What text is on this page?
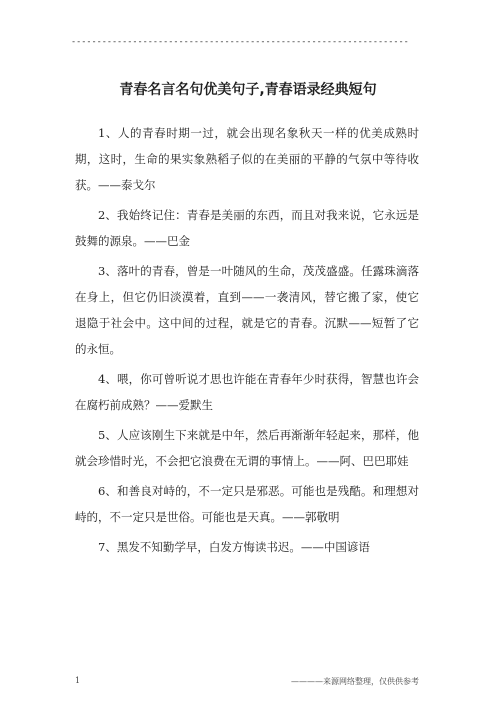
------------------------------------------------------------------
青春名言名句优美句子,青春语录经典短句

1、人的青春时期一过，就会出现名象秋天一样的优美成熟时期，这时，生命的果实象熟稻子似的在美丽的平静的气氛中等待收获。——泰戈尔

2、我始终记住：青春是美丽的东西，而且对我来说，它永远是鼓舞的源泉。——巴金

3、落叶的青春，曾是一叶随风的生命，茂茂盛盛。任露珠滴落在身上，但它仍旧淡漠着，直到——一袭清风，替它搬了家，使它退隐于社会中。这中间的过程，就是它的青春。沉默——短暂了它的永恒。

4、喂，你可曾听说才思也许能在青春年少时获得，智慧也许会在腐朽前成熟？——爱默生

5、人应该刚生下来就是中年，然后再渐渐年轻起来，那样，他就会珍惜时光，不会把它浪费在无谓的事情上。——阿、巴巴耶娃

6、和善良对峙的，不一定只是邪恶。可能也是残酷。和理想对峙的，不一定只是世俗。可能也是天真。——郭敬明

7、黑发不知勤学早，白发方悔读书迟。——中国谚语

1	————来源网络整理，仅供供参考
